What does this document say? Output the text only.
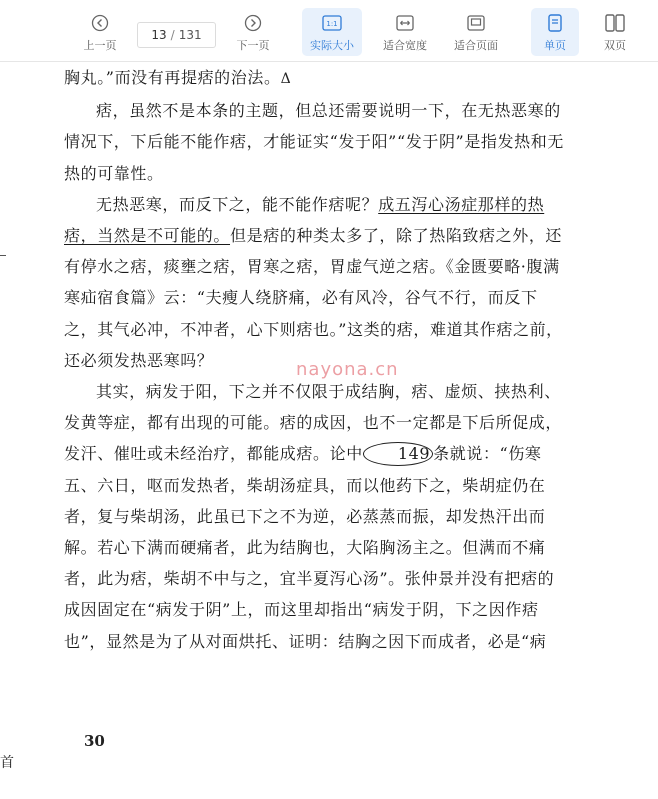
上一页
13 / 131
下一页
1:1
实际大小	适合宽度 适合页面	单页	双页

胸丸。”而没有再提痞的治法。Δ

痞，虽然不是本条的主题，但总还需要说明一下，在无热恶寒的情况下，下后能不能作痞，才能证实“发于阳”“发于阴”是指发热和无热的可靠性。

无热恶寒，而反下之，能不能作痞呢？成五泻心汤症那样的热痞，当然是不可能的。但是痞的种类太多了，除了热陷致痞之外，还有停水之痞，痰壅之痞，胃寒之痞，胃虚气逆之痞。《金匮要略·腹满寒疝宿食篇》云：“夫瘦人绕脐痛，必有风冷，谷气不行，而反下之，其气必冲，不冲者，心下则痞也。”这类的痞，难道其作痞之前，还必须发热恶寒吗？

其实，病发于阳，下之并不仅限于成结胸，痞、虚烦、挟热利、发黄等症，都有出现的可能。痞的成因，也不一定都是下后所促成，发汗、催吐或未经治疗，都能成痞。论中 149 条就说：“伤寒五、六日，呕而发热者，柴胡汤症具，而以他药下之，柴胡症仍在者，复与柴胡汤，此虽已下之不为逆，必蒸蒸而振，却发热汗出而解。若心下满而硬痛者，此为结胸也，大陷胸汤主之。但满而不痛者，此为痞，柴胡不中与之，宜半夏泻心汤”。张仲景并没有把痞的成因固定在“病发于阴”上，而这里却指出“病发于阴，下之因作痞也”，显然是为了从对面烘托、证明：结胸之因下而成者，必是“病

nayona.cn
30
首
